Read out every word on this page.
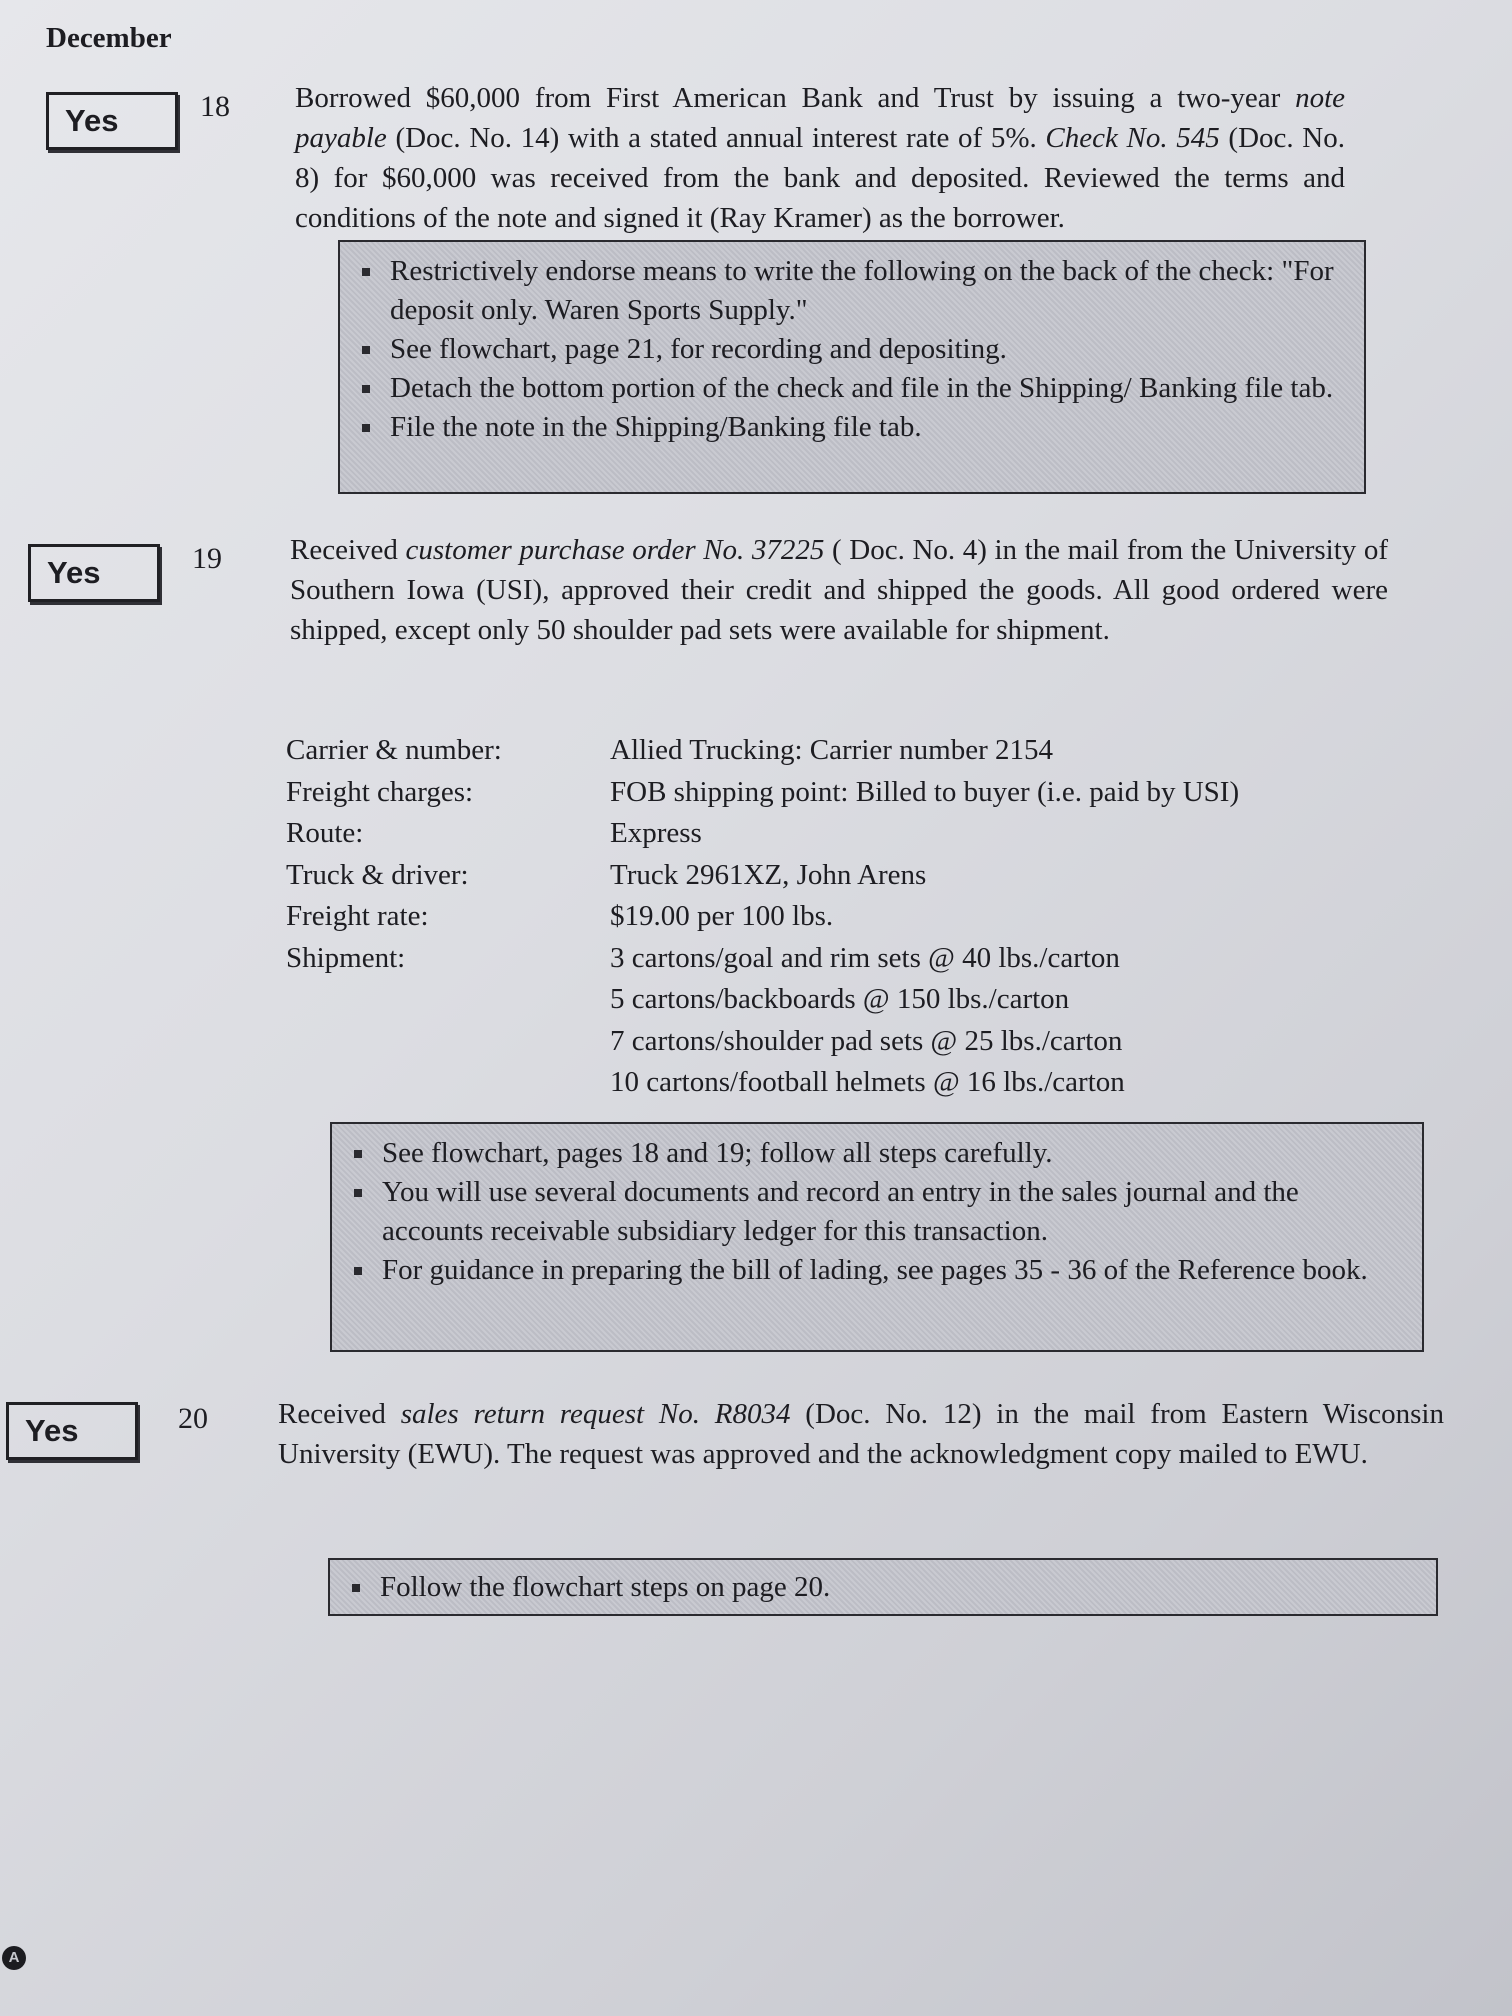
December
Yes	18 Borrowed $60,000 from First American Bank and Trust by issuing a two-year note payable (Doc. No. 14) with a stated annual interest rate of 5%. Check No. 545 (Doc. No. 8) for $60,000 was received from the bank and deposited. Reviewed the terms and conditions of the note and signed it (Ray Kramer) as the borrower.
Restrictively endorse means to write the following on the back of the check: "For deposit only. Waren Sports Supply."
See flowchart, page 21, for recording and depositing.
Detach the bottom portion of the check and file in the Shipping/ Banking file tab.
File the note in the Shipping/Banking file tab.
Yes	19 Received customer purchase order No. 37225 ( Doc. No. 4) in the mail from the University of Southern Iowa (USI), approved their credit and shipped the goods. All good ordered were shipped, except only 50 shoulder pad sets were available for shipment.
Carrier & number:	Allied Trucking: Carrier number 2154
Freight charges:	FOB shipping point: Billed to buyer (i.e. paid by USI)
Route:	Express
Truck & driver:	Truck 2961XZ, John Arens
Freight rate:	$19.00 per 100 lbs.
Shipment:	3 cartons/goal and rim sets @ 40 lbs./carton
5 cartons/backboards @ 150 lbs./carton
7 cartons/shoulder pad sets @ 25 lbs./carton
10 cartons/football helmets @ 16 lbs./carton
See flowchart, pages 18 and 19; follow all steps carefully.
You will use several documents and record an entry in the sales journal and the accounts receivable subsidiary ledger for this transaction.
For guidance in preparing the bill of lading, see pages 35 - 36 of the Reference book.
Yes	20 Received sales return request No. R8034 (Doc. No. 12) in the mail from Eastern Wisconsin University (EWU). The request was approved and the acknowledgment copy mailed to EWU.
Follow the flowchart steps on page 20.
A
